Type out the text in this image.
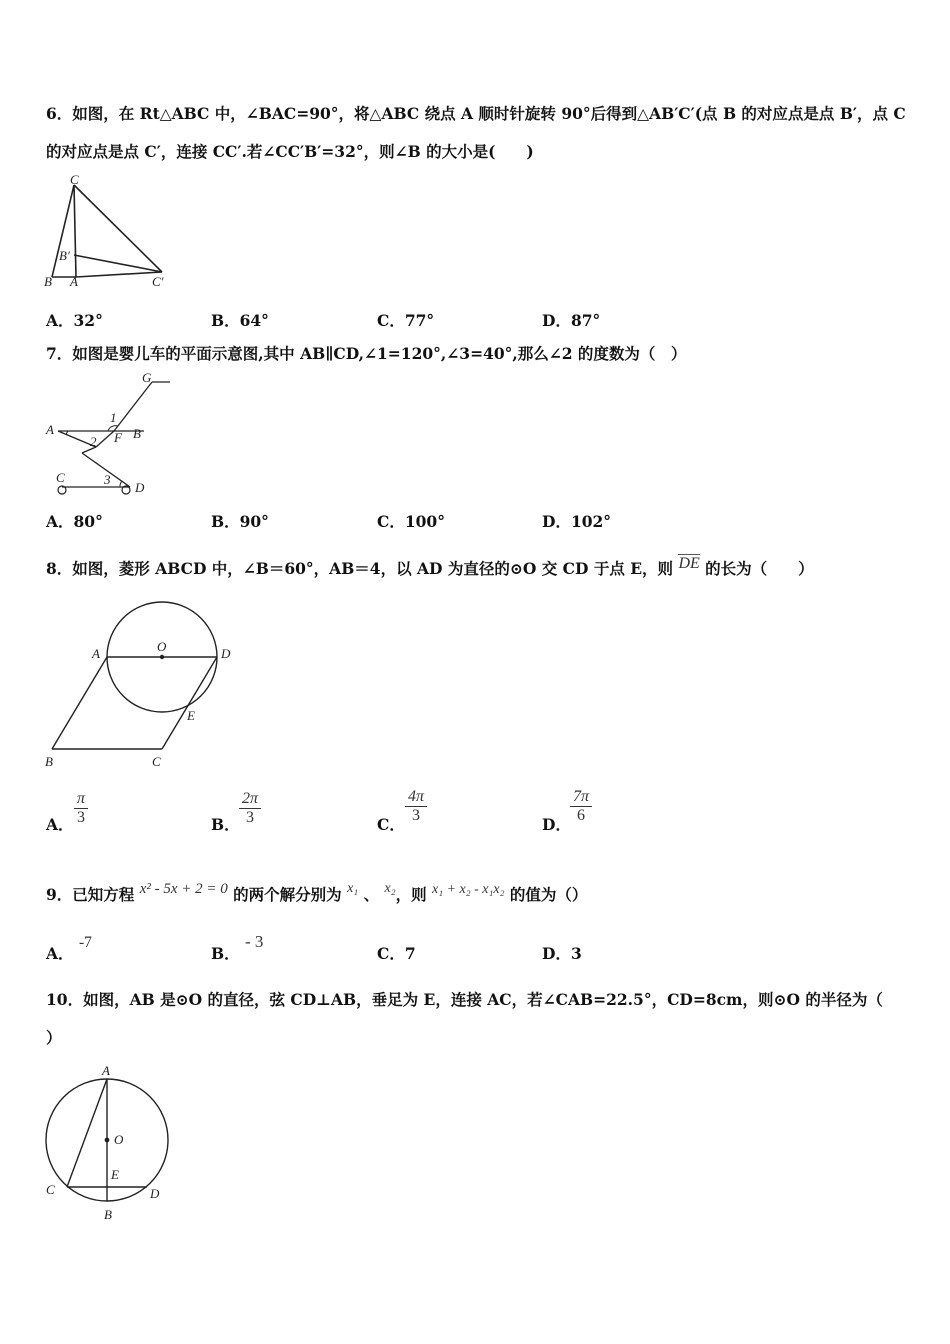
6．如图，在 Rt△ABC 中，∠BAC=90°，将△ABC 绕点 A 顺时针旋转 90°后得到△AB′C′(点 B 的对应点是点 B′，点 C
的对应点是点 C′，连接 CC′.若∠CC′B′=32°，则∠B 的大小是(　　)
C
B′
B A	C′
A．32°	B．64°	C．77°	D．87°
7．如图是婴儿车的平面示意图,其中 AB∥CD,∠1=120°,∠3=40°,那么∠2 的度数为（　）
G
1
A
F B
2
C	3
D
A．80°	B．90°	C．100°	D．102°
8．如图，菱形 ABCD 中，∠B＝60°，AB＝4，以 AD 为直径的⊙O 交 CD 于点 E，则 DE 的长为（　　）
A	O	D
E
B	C
A． $\frac{\pi}{3}$	B． $\frac{2\pi}{3}$	C． $\frac{4\pi}{3}$	D． $\frac{7\pi}{6}$
9．已知方程 x² - 5x + 2 = 0 的两个解分别为 x₁ 、 x₂，则 x₁ + x₂ - x₁x₂ 的值为（）
A． -7
B． - 3
C．7	D．3
10．如图，AB 是⊙O 的直径，弦 CD⊥AB，垂足为 E，连接 AC，若∠CAB=22.5°，CD=8cm，则⊙O 的半径为（
）
A
O
E
C	D
B
